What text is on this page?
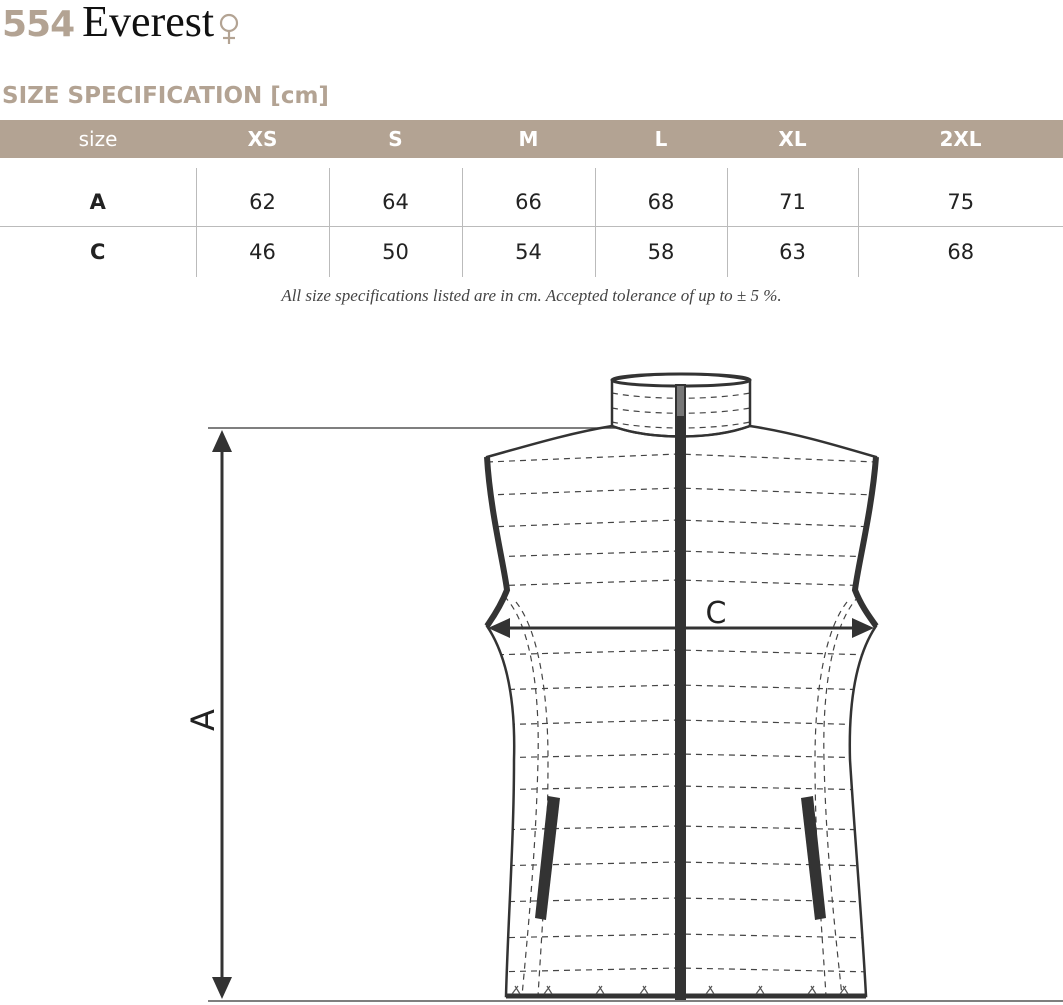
554 Everest
SIZE SPECIFICATION [cm]
size	XS	S	M	L	XL	2XL

A	62	64	66	68	71	75
C	46	50	54	58	63	68
All size specifications listed are in cm. Accepted tolerance of up to ± 5 %.
C
A
